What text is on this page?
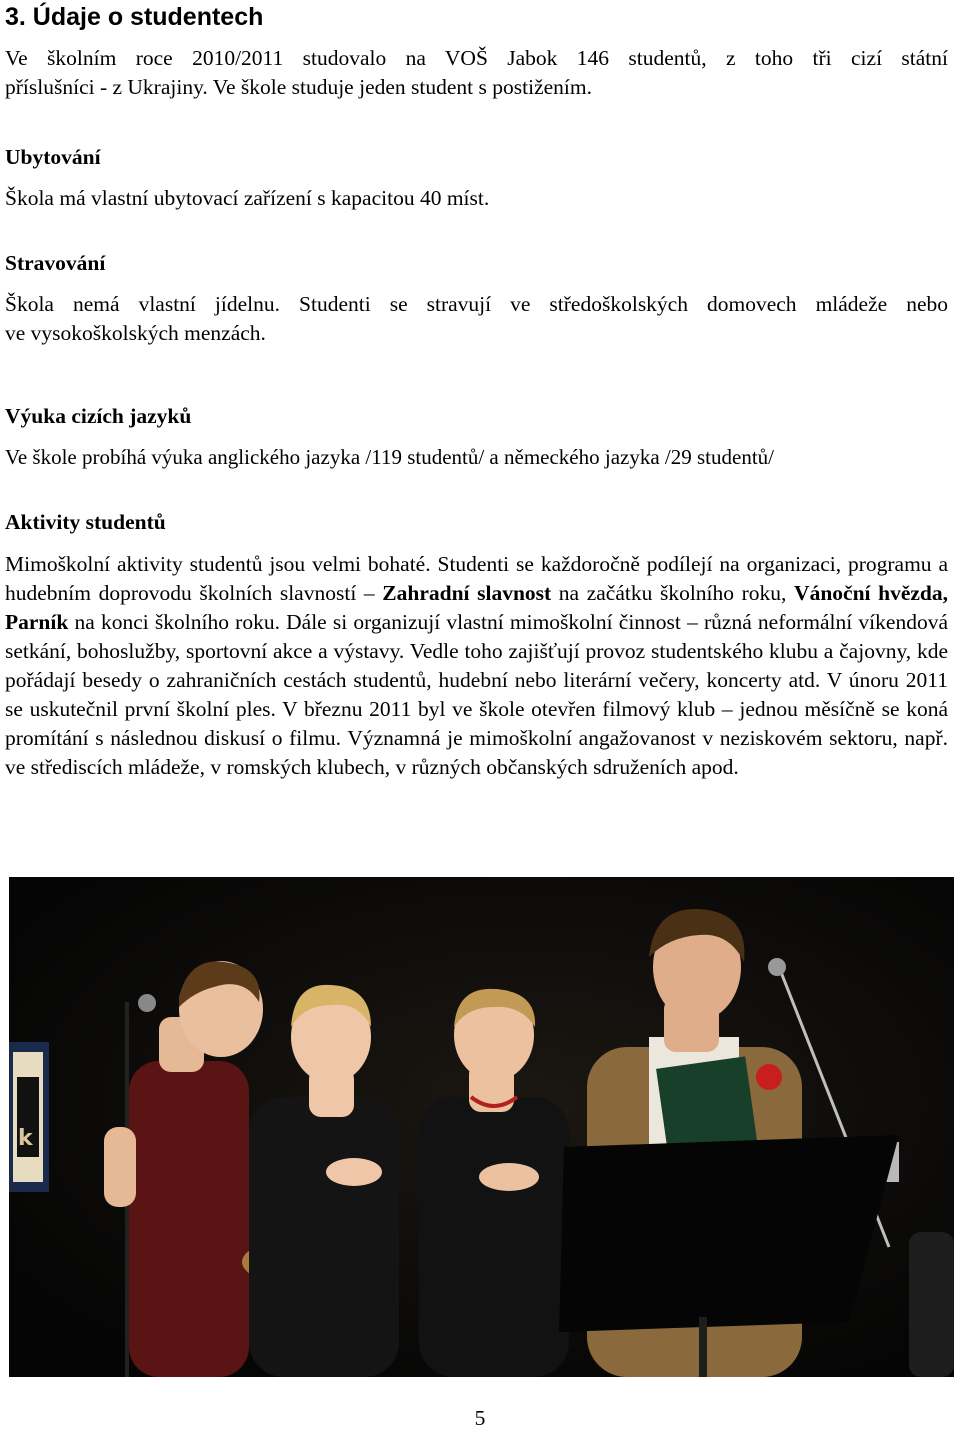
3. Údaje o studentech
Ve školním roce 2010/2011 studovalo na VOŠ Jabok 146 studentů, z toho tři cizí státní
příslušníci - z Ukrajiny. Ve škole studuje jeden student s postižením.
Ubytování
Škola má vlastní ubytovací zařízení s kapacitou 40 míst.
Stravování
Škola nemá vlastní jídelnu. Studenti se stravují ve středoškolských domovech mládeže nebo
ve vysokoškolských menzách.
Výuka cizích jazyků
Ve škole probíhá výuka anglického jazyka /119 studentů/ a německého jazyka /29 studentů/
Aktivity studentů
Mimoškolní aktivity studentů jsou velmi bohaté. Studenti se každoročně podílejí na organizaci, programu a hudebním doprovodu školních slavností – Zahradní slavnost na začátku školního roku, Vánoční hvězda, Parník na konci školního roku. Dále si organizují vlastní mimoškolní činnost – různá neformální víkendová setkání, bohoslužby, sportovní akce a výstavy. Vedle toho zajišťují provoz studentského klubu a čajovny, kde pořádají besedy o zahraničních cestách studentů, hudební nebo literární večery, koncerty atd. V únoru 2011 se uskutečnil první školní ples. V březnu 2011 byl ve škole otevřen filmový klub – jednou měsíčně se koná promítání s následnou diskusí o filmu. Významná je mimoškolní angažovanost v neziskovém sektoru, např. ve střediscích mládeže, v romských klubech, v různých občanských sdruženích apod.
k
5
